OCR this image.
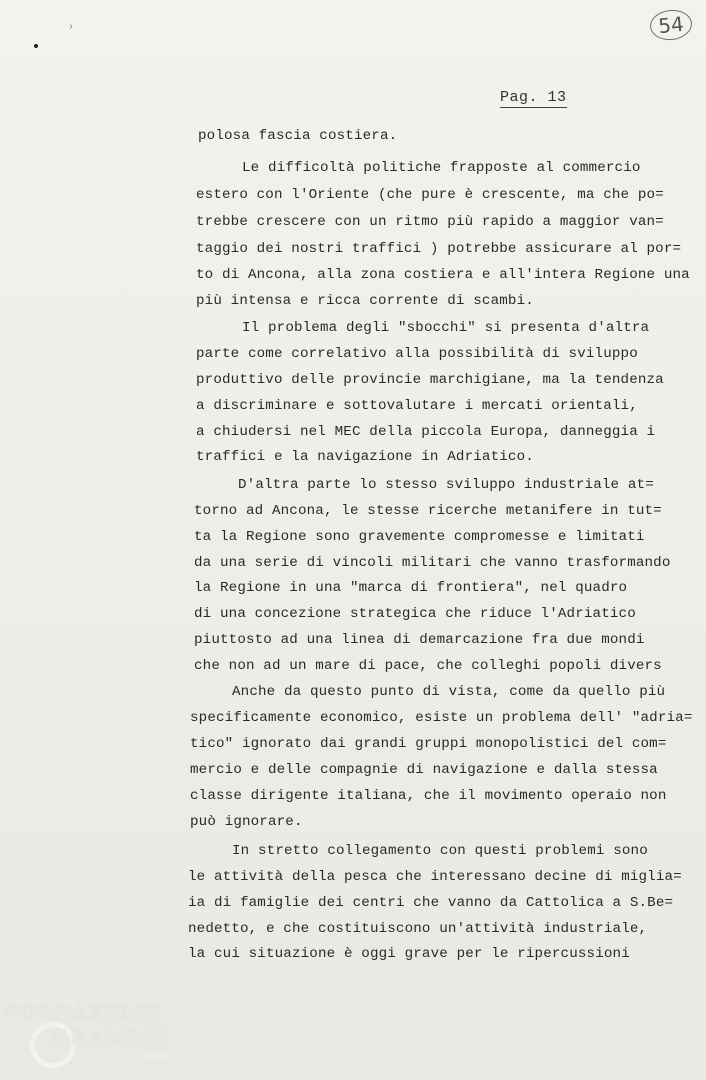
54
›
Pag. 13
polosa fascia costiera.
Le difficoltà politiche frapposte al commercio
estero con l'Oriente (che pure è crescente, ma che po=
trebbe crescere con un ritmo più rapido a maggior van=
taggio dei nostri traffici ) potrebbe assicurare al por=
to di Ancona, alla zona costiera e all'intera Regione una
più intensa e ricca corrente di scambi.
Il problema degli "sbocchi" si presenta d'altra
parte come correlativo alla possibilità di sviluppo
produttivo delle provincie marchigiane, ma la tendenza
a discriminare e sottovalutare i mercati orientali,
a chiudersi nel MEC della piccola Europa, danneggia i
traffici e la navigazione in Adriatico.
D'altra parte lo stesso sviluppo industriale at=
torno ad Ancona, le stesse ricerche metanifere in tut=
ta la Regione sono gravemente compromesse e limitati
da una serie di vincoli militari che vanno trasformando
la Regione in una "marca di frontiera", nel quadro
di una concezione strategica che riduce l'Adriatico
piuttosto ad una linea di demarcazione fra due mondi
che non ad un mare di pace, che colleghi popoli divers
Anche da questo punto di vista, come da quello più
specificamente economico, esiste un problema dell' "adria=
tico" ignorato dai grandi gruppi monopolistici del com=
mercio e delle compagnie di navigazione e dalla stessa
classe dirigente italiana, che il movimento operaio non
può ignorare.
In stretto collegamento con questi problemi sono
le attività della pesca che interessano decine di miglia=
ia di famiglie dei centri che vanno da Cattolica a S.Be=
nedetto, e che costituiscono un'attività industriale,
la cui situazione è oggi grave per le ripercussioni
FONDAZIONE
GRAMSCI
onlus
